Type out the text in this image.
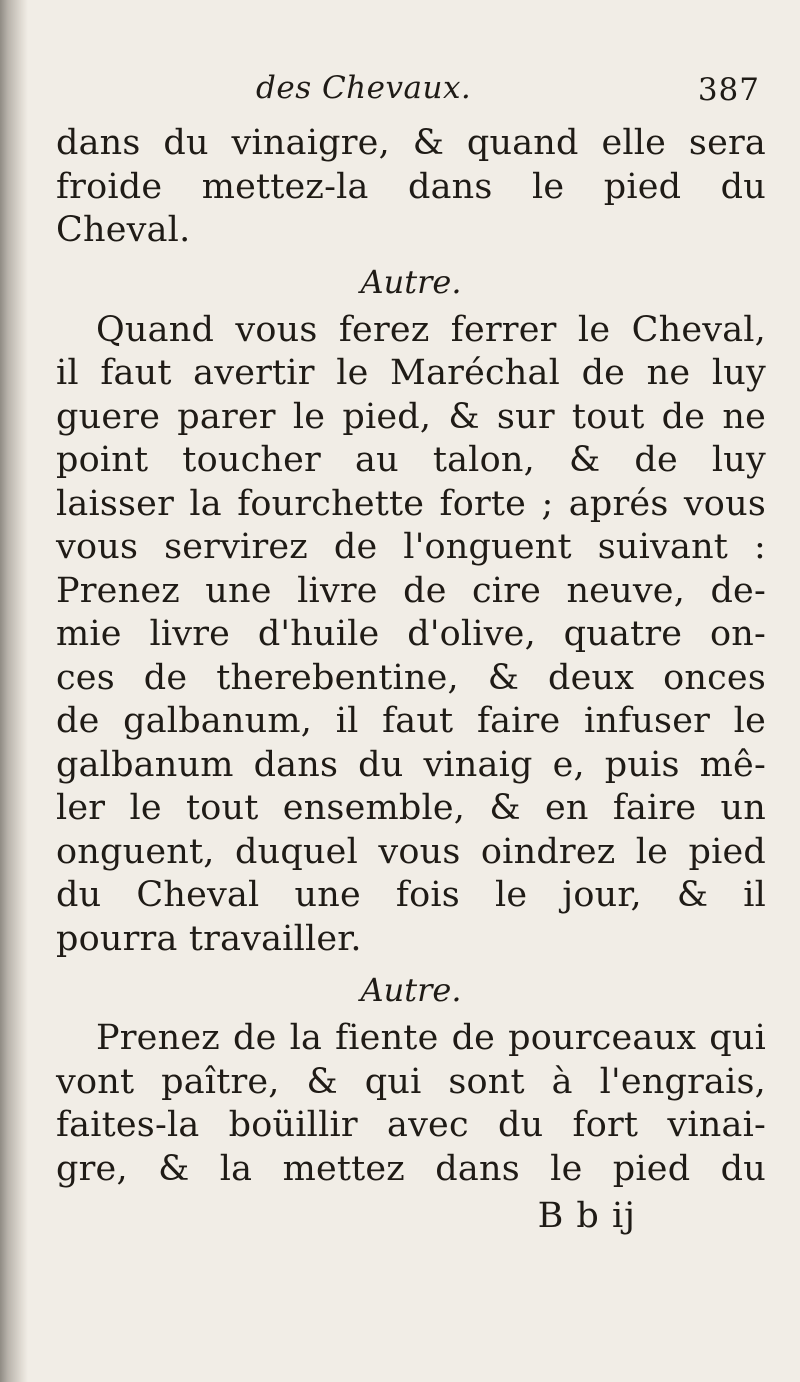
des Chevaux.	387
dans du vinaigre, & quand elle sera
froide mettez-la dans le pied du
Cheval.
Autre.
Quand vous ferez ferrer le Cheval,
il faut avertir le Maréchal de ne luy
guere parer le pied, & sur tout de ne
point toucher au talon, & de luy
laisser la fourchette forte ; aprés vous
vous servirez de l'onguent suivant :
Prenez une livre de cire neuve, de-
mie livre d'huile d'olive, quatre on-
ces de therebentine, & deux onces
de galbanum, il faut faire infuser le
galbanum dans du vinaig e, puis mê-
ler le tout ensemble, & en faire un
onguent, duquel vous oindrez le pied
du Cheval une fois le jour, & il
pourra travailler.
Autre.
Prenez de la fiente de pourceaux qui
vont paître, & qui sont à l'engrais,
faites-la boüillir avec du fort vinai-
gre, & la mettez dans le pied du
B b ij
